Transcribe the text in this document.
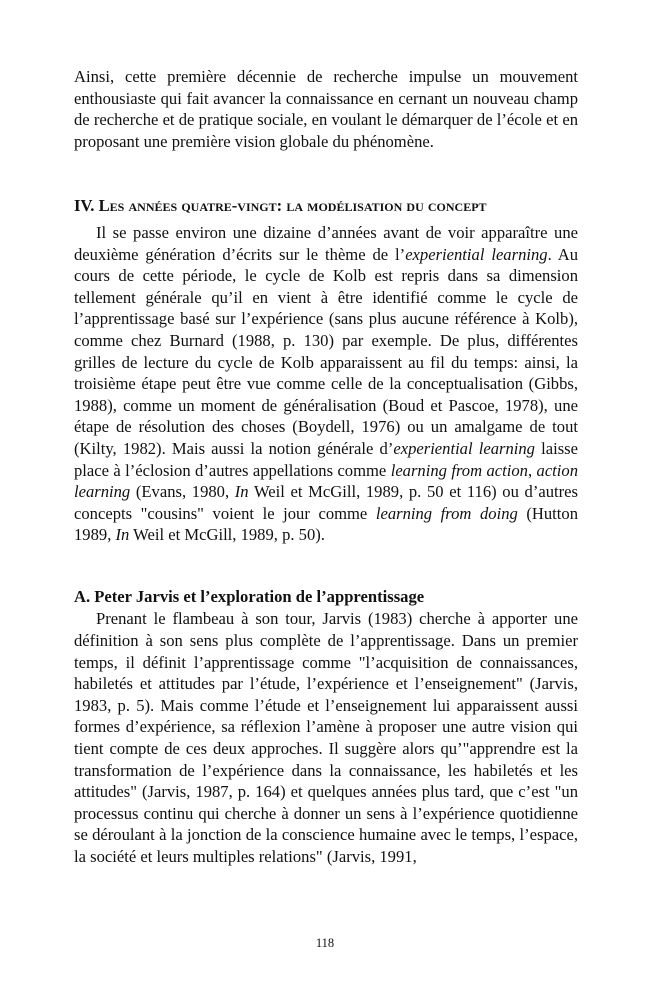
Ainsi, cette première décennie de recherche impulse un mouvement enthousiaste qui fait avancer la connaissance en cernant un nouveau champ de recherche et de pratique sociale, en voulant le démarquer de l’école et en proposant une première vision globale du phénomène.

IV. Les années quatre-vingt: la modélisation du concept

Il se passe environ une dizaine d’années avant de voir apparaître une deuxième génération d’écrits sur le thème de l’experiential learning. Au cours de cette période, le cycle de Kolb est repris dans sa dimension tellement générale qu’il en vient à être identifié comme le cycle de l’apprentissage basé sur l’expérience (sans plus aucune référence à Kolb), comme chez Burnard (1988, p. 130) par exemple. De plus, différentes grilles de lecture du cycle de Kolb apparaissent au fil du temps: ainsi, la troisième étape peut être vue comme celle de la conceptualisation (Gibbs, 1988), comme un moment de généralisation (Boud et Pascoe, 1978), une étape de résolution des choses (Boydell, 1976) ou un amalgame de tout (Kilty, 1982). Mais aussi la notion générale d’experiential learning laisse place à l’éclosion d’autres appellations comme learning from action, action learning (Evans, 1980, In Weil et McGill, 1989, p. 50 et 116) ou d’autres concepts "cousins" voient le jour comme learning from doing (Hutton 1989, In Weil et McGill, 1989, p. 50).

A. Peter Jarvis et l’exploration de l’apprentissage

Prenant le flambeau à son tour, Jarvis (1983) cherche à apporter une définition à son sens plus complète de l’apprentissage. Dans un premier temps, il définit l’apprentissage comme "l’acquisition de connaissances, habiletés et attitudes par l’étude, l’expérience et l’enseignement" (Jarvis, 1983, p. 5). Mais comme l’étude et l’enseignement lui apparaissent aussi formes d’expérience, sa réflexion l’amène à proposer une autre vision qui tient compte de ces deux approches. Il suggère alors qu’"apprendre est la transformation de l’expérience dans la connaissance, les habiletés et les attitudes" (Jarvis, 1987, p. 164) et quelques années plus tard, que c’est "un processus continu qui cherche à donner un sens à l’expérience quotidienne se déroulant à la jonction de la conscience humaine avec le temps, l’espace, la société et leurs multiples relations" (Jarvis, 1991,

118
